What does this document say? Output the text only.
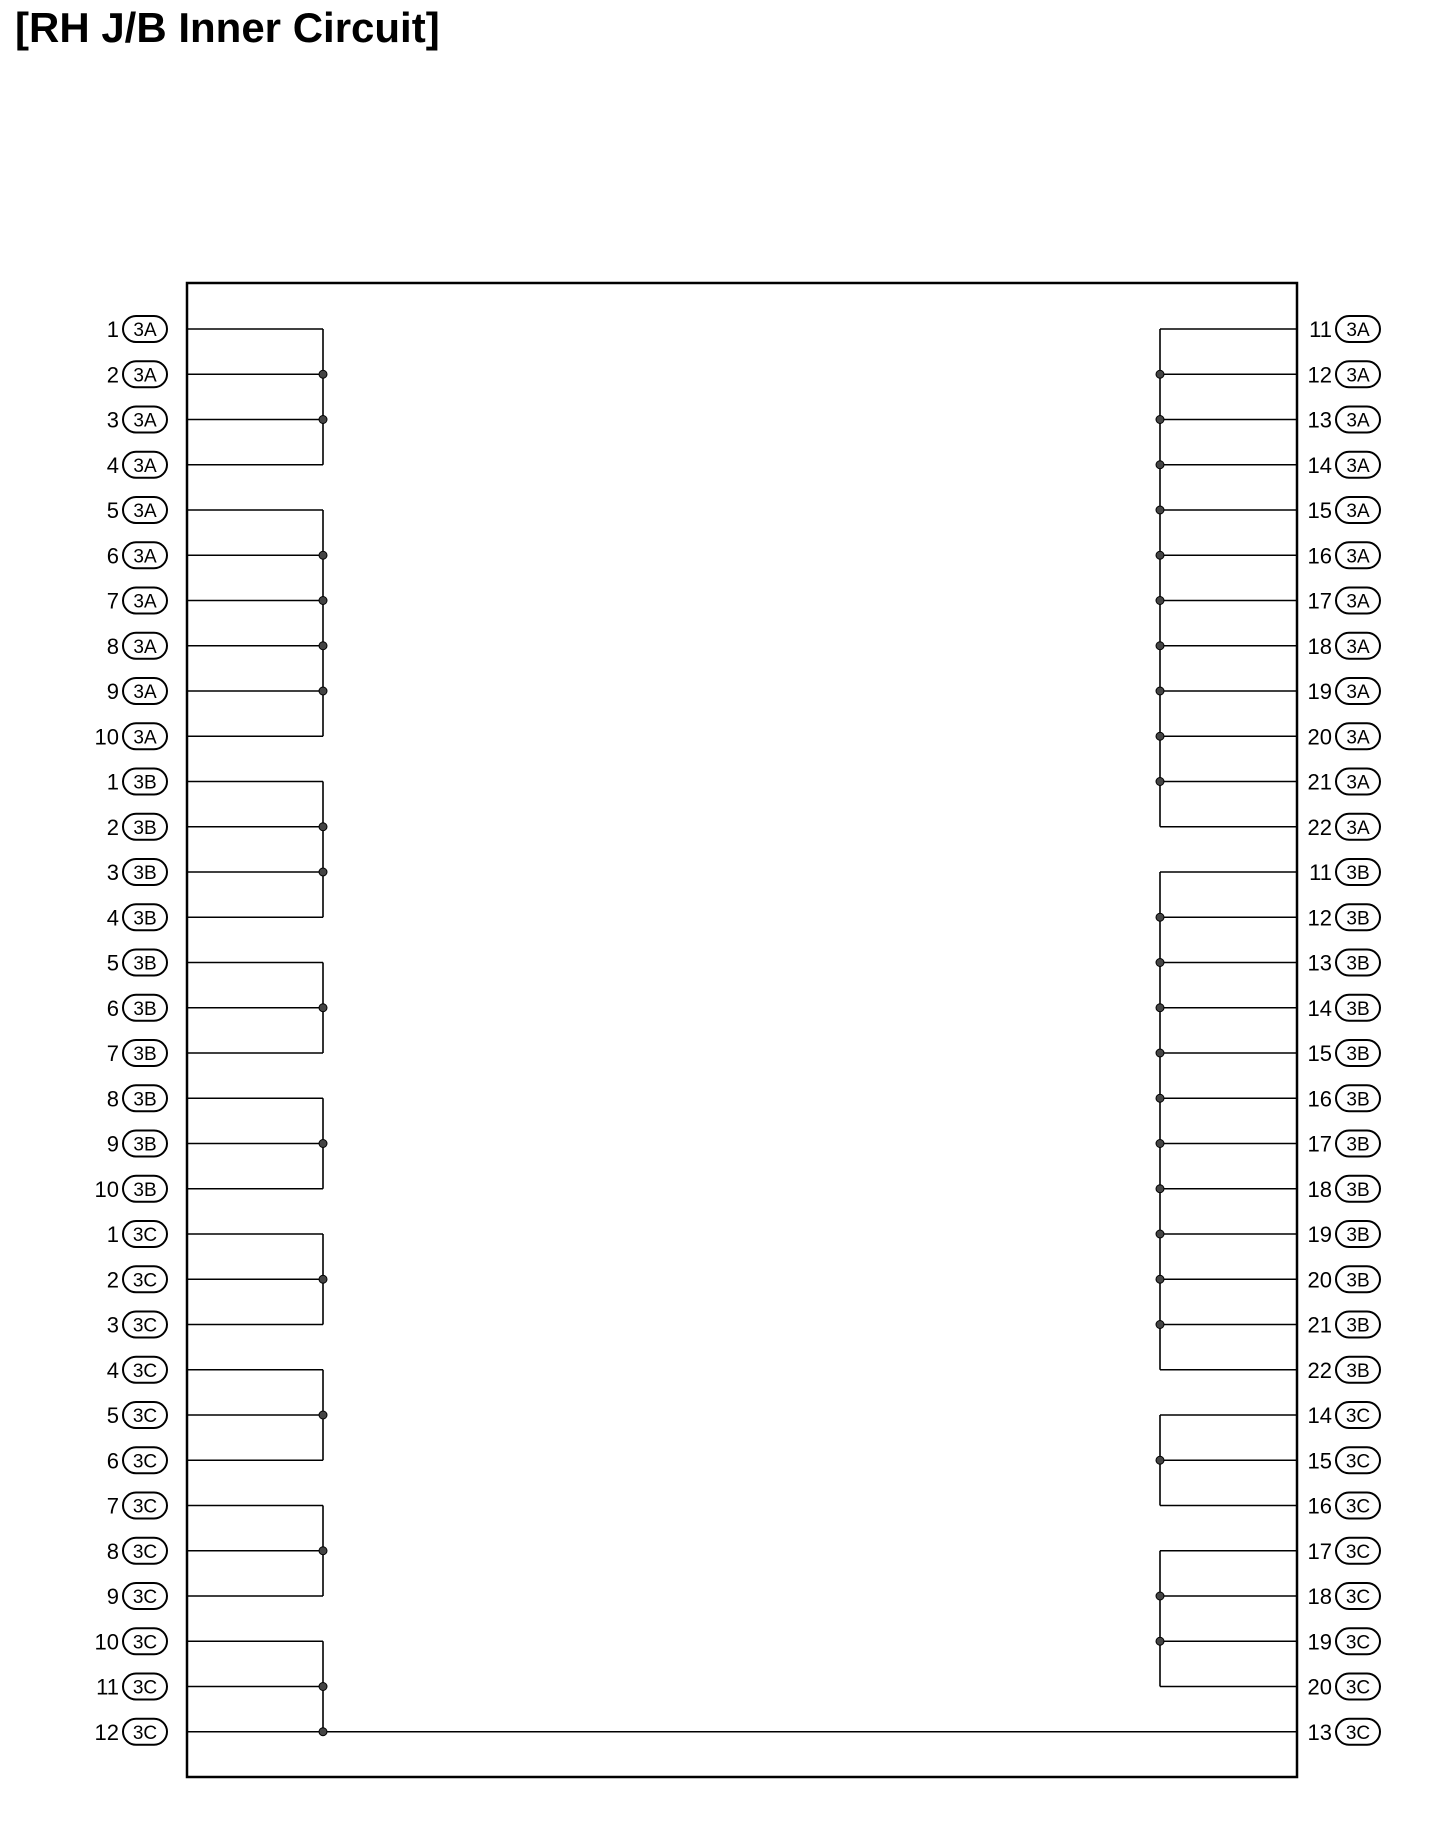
[RH J/B Inner Circuit]
1 3A
2 3A
3 3A
4 3A
5 3A
6 3A
7 3A
8 3A
9 3A
10 3A
1 3B
2 3B
3 3B
4 3B
5 3B
6 3B
7 3B
8 3B
9 3B
10 3B
1 3C
2 3C
3 3C
4 3C
5 3C
6 3C
7 3C
8 3C
9 3C
10 3C
11 3C
12 3C
11 3A
12 3A
13 3A
14 3A
15 3A
16 3A
17 3A
18 3A
19 3A
20 3A
21 3A
22 3A
11 3B
12 3B
13 3B
14 3B
15 3B
16 3B
17 3B
18 3B
19 3B
20 3B
21 3B
22 3B
14 3C
15 3C
16 3C
17 3C
18 3C
19 3C
20 3C
13 3C
